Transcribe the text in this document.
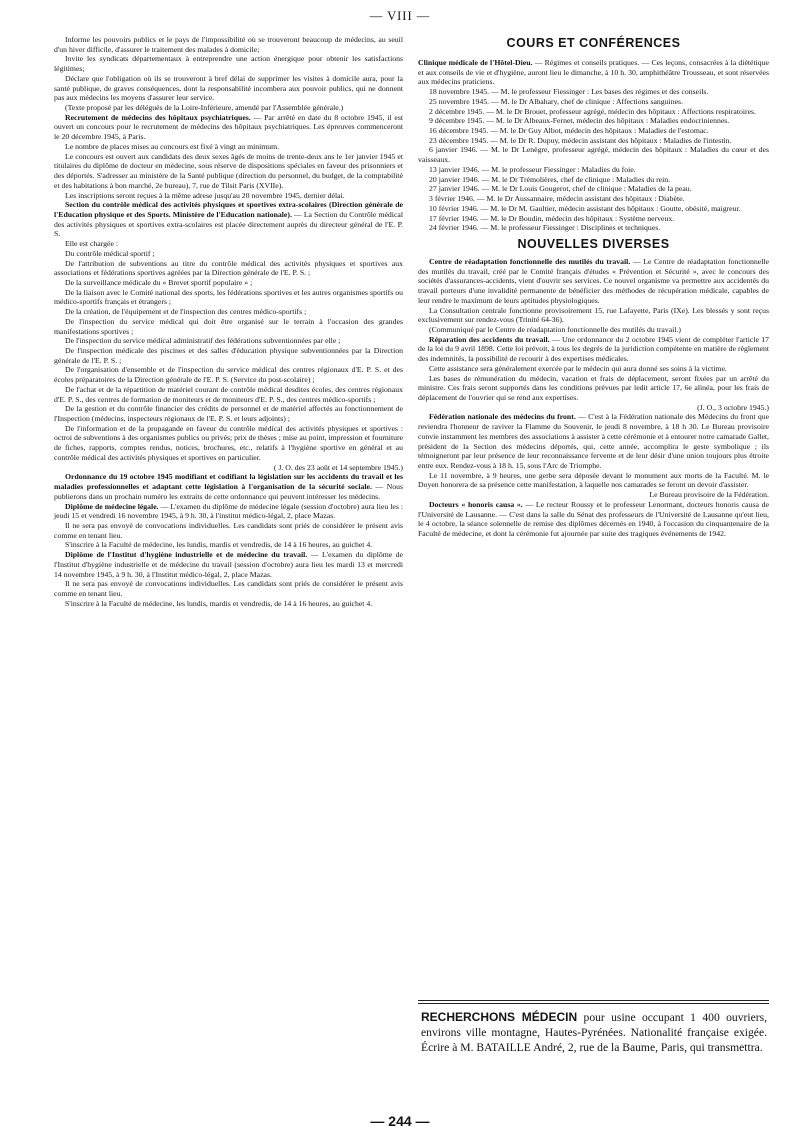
— VIII —

Informe les pouvoirs publics et le pays de l'impossibilité où se trouveront beaucoup de médecins, au seuil d'un hiver difficile, d'assurer le traitement des malades à domicile;

Invite les syndicats départementaux à entreprendre une action énergique pour obtenir les satisfactions légitimes;

Déclare que l'obligation où ils se trouveront à bref délai de supprimer les visites à domicile aura, pour la santé publique, de graves conséquences, dont la responsabilité incombera aux pouvoir publics, qui ne donnent pas aux médecins les moyens d'assurer leur service.

(Texte proposé par les délégués de la Loire-Inférieure, amendé par l'Assemblée générale.)

Recrutement de médecins des hôpitaux psychiatriques. — Par arrêté en date du 8 octobre 1945, il est ouvert un concours pour le recrutement de médecins des hôpitaux psychiatriques. Les épreuves commenceront le 20 décembre 1945, à Paris.

Le nombre de places mises au concours est fixé à vingt au minimum.

Le concours est ouvert aux candidats des deux sexes âgés de moins de trente-deux ans le 1er janvier 1945 et titulaires du diplôme de docteur en médecine, sous réserve de dispositions spéciales en faveur des prisonniers et des déportés. S'adresser au ministère de la Santé publique (direction du personnel, du budget, de la comptabilité et des habitations à bon marché, 2e bureau), 7, rue de Tilsit Paris (XVIIe).

Les inscriptions seront reçues à la même adrese jusqu'au 20 novembre 1945, dernier délai.

Section du contrôle médical des activités physiques et sportives extra-scolaires (Direction générale de l'Education physique et des Sports. Ministère de l'Education nationale). — La Section du Contrôle médical des activités physiques et sportives extra-scolaires est placée directement auprès du directeur général de l'E. P. S.

Elle est chargée :

Du contrôle médical sportif ;

De l'attribution de subventions au titre du contrôle médical des activités physiques et sportives aux associations et fédérations sportives agréées par la Direction générale de l'E. P. S. ;

De la surveillance médicale du « Brevet sportif populaire » ;

De la liaison avec le Comité national des sports, les fédérations sportives et les autres organismes sportifs ou médico-sportifs français et étrangers ;

De la création, de l'équipement et de l'inspection des centres médico-sportifs ;

De l'inspection du service médical qui doit être organisé sur le terrain à l'occasion des grandes manifestations sportives ;

De l'inspection du service médical administratif des fédérations subventionnées par elle ;

De l'inspection médicale des piscines et des salles d'éducation physique subventionnées par la Direction générale de l'E. P. S. ;

De l'organisation d'ensemble et de l'inspection du service médical des centres régionaux d'E. P. S. et des écoles préparatoires de la Direction générale de l'E. P. S. (Service du post-scolaire) ;

De l'achat et de la répartition de matériel courant de contrôle médical desdites écoles, des centres régionaux d'E. P. S., des centres de formation de moniteurs et de moniteurs d'E. P. S., des centres médico-sportifs ;

De la gestion et du contrôle financier des crédits de personnel et de matériel affectés au fonctionnement de l'Inspection (médecins, inspecteurs régionaux de l'E. P. S. et leurs adjoints) ;

De l'information et de la propagande en faveur du contrôle médical des activités physiques et sportives : octroi de subventions à des organismes publics ou privés; prix de thèses ; mise au point, impression et fourniture de fiches, rapports, comptes rendus, notices, brochures, etc., relatifs à l'hygiène sportive en général et au contrôle médical des activités physiques et sportives en particulier.

( J. O. des 23 août et 14 septembre 1945.)

Ordonnance du 19 octobre 1945 modifiant et codifiant la législation sur les accidents du travail et les maladies professionnelles et adaptant cette législation à l'organisation de la sécurité sociale. — Nous publierons dans un prochain numéro les extraits de cette ordonnance qui peuvent intéresser les médecins.

Diplôme de médecine légale. — L'examen du diplôme de médecine légale (session d'octobre) aura lieu les : jeudi 15 et vendredi 16 novembre 1945, à 9 h. 30, à l'institut médico-légal, 2, place Mazas.

Il ne sera pas envoyé de convocations individuelles. Les candidats sont priés de considérer le présent avis comme en tenant lieu.

S'inscrire à la Faculté de médecine, les lundis, mardis et vendredis, de 14 à 16 heures, au guichet 4.

Diplôme de l'Institut d'hygiène industrielle et de médecine du travail. — L'examen du diplôme de l'Institut d'hygiène industrielle et de médecine du travail (session d'octobre) aura lieu les mardi 13 et mercredi 14 novembre 1945, à 9 h. 30, à l'Institut médico-légal, 2, place Mazas.

Il ne sera pas envoyé de convocations individuelles. Les candidats sont priés de considérer le présent avis comme en tenant lieu.

S'inscrire à la Faculté de médecine, les lundis, mardis et vendredis, de 14 à 16 heures, au guichet 4.

COURS ET CONFÉRENCES

Clinique médicale de l'Hôtel-Dieu. — Régimes et conseils pratiques. — Ces leçons, consacrées à la diététique et aux conseils de vie et d'hygiène, auront lieu le dimanche, à 10 h. 30, amphithéâtre Trousseau, et sont réservées aux médecins praticiens.

18 novembre 1945. — M. le professeur Fiessinger : Les bases des régimes et des conseils.

25 novembre 1945. — M. le Dr Albahary, chef de clinique : Affections sanguines.

2 décembre 1945. — M. le Dr Brouet, professeur agrégé, médecin des hôpitaux : Affections respiratoires.

9 décembre 1945. — M. le Dr Albeaux-Fernet, médecin des hôpitaux : Maladies endocriniennes.

16 décembre 1945. — M. le Dr Guy Albot, médecin des hôpitaux : Maladies de l'estomac.

23 décembre 1945. — M. le Dr R. Dupuy, médecin assistant des hôpitaux : Maladies de l'intestin.

6 janvier 1946. — M. le Dr Lenègre, professeur agrégé, médecin des hôpitaux : Maladies du cœur et des vaisseaux.

13 janvier 1946. — M. le professeur Fiessinger : Maladies du foie.

20 janvier 1946. — M. le Dr Trémolières, chef de clinique : Maladies du rein.

27 janvier 1946. — M. le Dr Louis Gougerot, chef de clinique : Maladies de la peau.

3 février 1946. — M. le Dr Aussannaire, médecin assistant des hôpitaux : Diabète.

10 février 1946. — M. le Dr M. Gaultier, médecin assistant des hôpitaux : Goutte, obésité, maigreur.

17 février 1946. — M. le Dr Boudin, médecin des hôpitaux : Système nerveux.

24 février 1946. — M. le professeur Fiessinger : Disciplines et techniques.

Centre de réadaptation fonctionnelle des mutilés du travail. — Le Centre de réadaptation fonctionnelle des mutilés du travail, créé par le Comité français d'études « Prévention et Sécurité », avec le concours des sociétés d'assurances-accidents, vient d'ouvrir ses services. Ce nouvel organisme va permettre aux accidentés du travail porteurs d'une invalidité permanente de bénéficier des méthodes de récupération médicale, capables de leur rendre le maximum de leurs aptitudes physiologiques.

La Consultation centrale fonctionne provisoirement 15, rue Lafayette, Paris (IXe). Les blessés y sont reçus exclusivement sur rendez-vous (Trinité 64-36).

(Communiqué par le Centre de réadaptation fonctionnelle des mutilés du travail.)

Réparation des accidents du travail. — Une ordonnance du 2 octobre 1945 vient de compléter l'article 17 de la loi du 9 avril 1898. Cette loi prévoit, à tous les degrés de la juridiction compétente en matière de règlement des indemnités, la possibilité de recourir à des expertises médicales.

Cette assistance sera généralement exercée par le médecin qui aura donné ses soins à la victime.

Les bases de rémunération du médecin, vacation et frais de déplacement, seront fixées par un arrêté du ministre. Ces frais seront supportés dans les conditions prévues par ledit article 17, 6e alinéa, pour les frais de déplacement de l'ouvrier qui se rend aux expertises.

(J. O., 3 octobre 1945.)

Fédération nationale des médecins du front. — C'est à la Fédération nationale des Médecins du front que reviendra l'honneur de raviver la Flamme du Souvenir, le jeudi 8 novembre, à 18 h 30. Le Bureau provisoire convie instamment les membres des associations à assister à cette cérémonie et à entourer notre camarade Gallet, président de la Section des médecins déportés, qui, cette année, accomplira le geste symbolique ; ils témoigneront par leur présence de leur reconnaissance fervente et de leur désir d'une union toujours plus étroite entre eux. Rendez-vous à 18 h. 15, sous l'Arc de Triomphe.

Le 11 novembre, à 9 heures, une gerbe sera déposée devant le monument aux morts de la Faculté. M. le Doyen honorera de sa présence cette manifestation, à laquelle nos camarades se feront un devoir d'assister.

Le Bureau provisoire de la Fédération.

Docteurs « honoris causa ». — Le recteur Roussy et le professeur Lenormant, docteurs honoris causa de l'Université de Lausanne. — C'est dans la salle du Sénat des professeurs de l'Université de Lausanne qu'eut lieu, le 4 octobre, la séance solennelle de remise des diplômes décernés en 1940, à l'occasion du cinquantenaire de la Faculté de médecine, et dont la cérémonie fut ajournée par suite des tragiques événements de 1942.

NOUVELLES DIVERSES
RECHERCHONS MÉDECIN pour usine occupant 1 400 ouvriers, environs ville montagne, Hautes-Pyrénées. Nationalité française exigée. Écrire à M. BATAILLE André, 2, rue de la Baume, Paris, qui transmettra.
— 244 —
